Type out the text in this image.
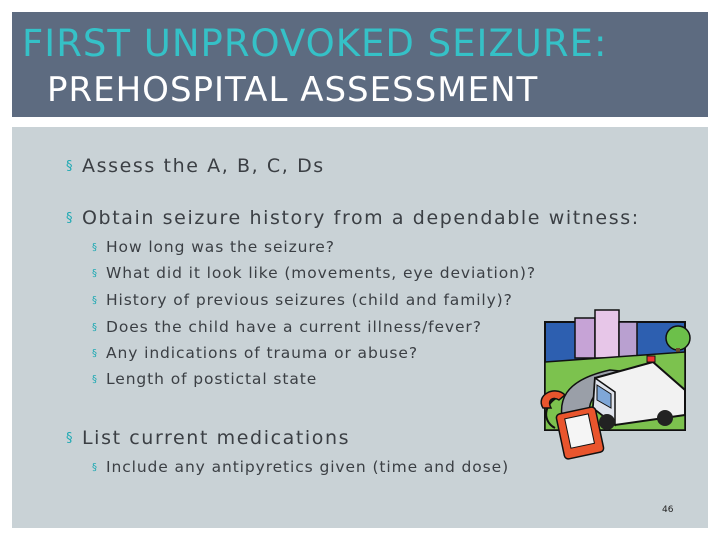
FIRST UNPROVOKED SEIZURE:
PREHOSPITAL ASSESSMENT
§ Assess the A, B, C, Ds
§ Obtain seizure history from a dependable witness:
§ How long was the seizure?
§ What did it look like (movements, eye deviation)?
§ History of previous seizures (child and family)?
§ Does the child have a current illness/fever?
§ Any indications of trauma or abuse?
§ Length of postictal state
§ List current medications
§ Include any antipyretics given (time and dose)
46
